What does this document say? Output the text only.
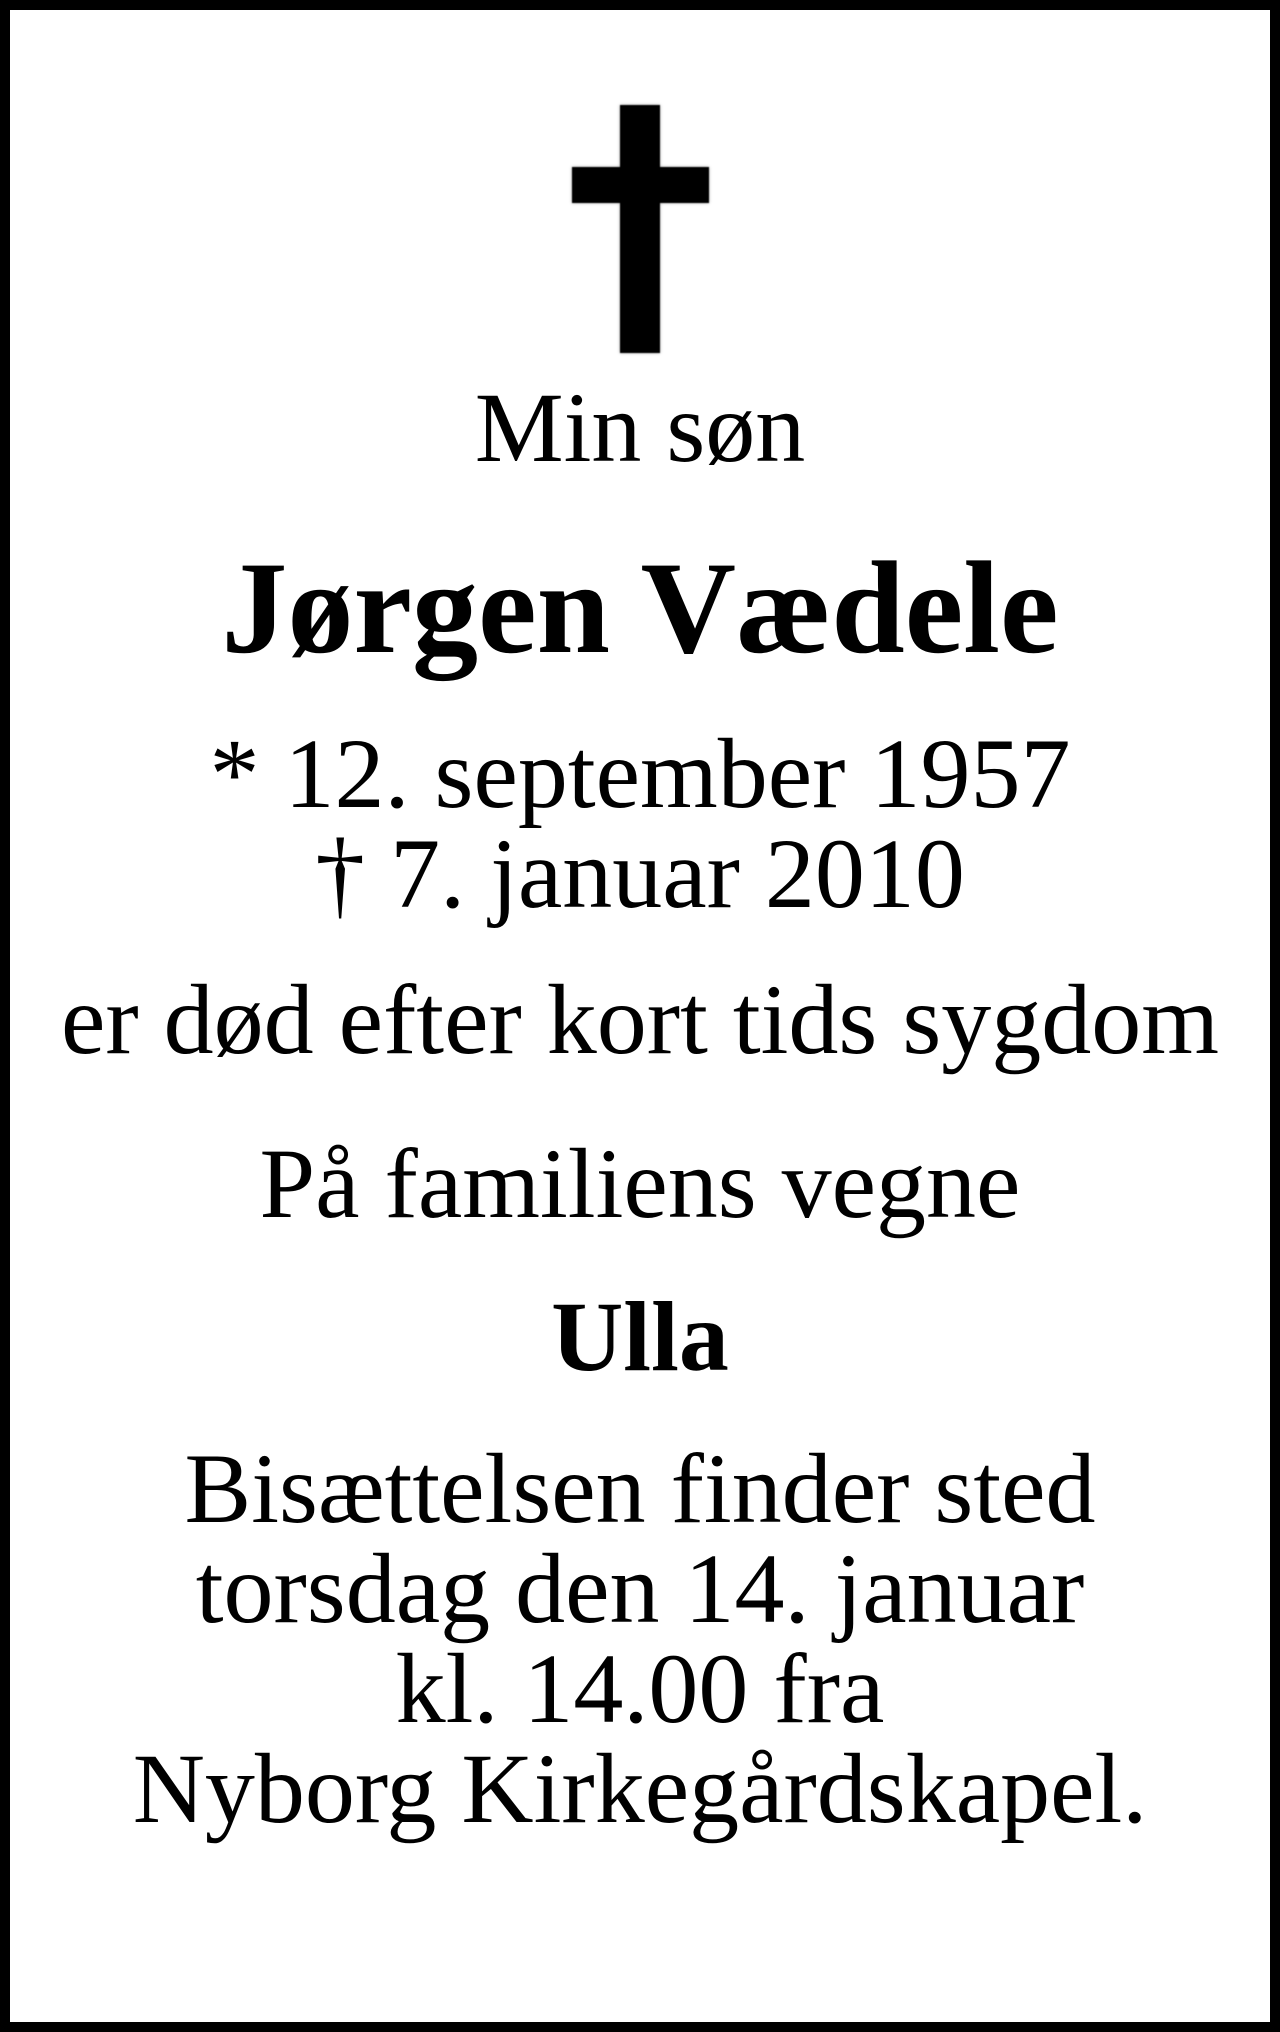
Min søn
Jørgen Vædele
* 12. september 1957
† 7. januar 2010
er død efter kort tids sygdom
På familiens vegne
Ulla
Bisættelsen finder sted
torsdag den 14. januar
kl. 14.00 fra
Nyborg Kirkegårdskapel.
